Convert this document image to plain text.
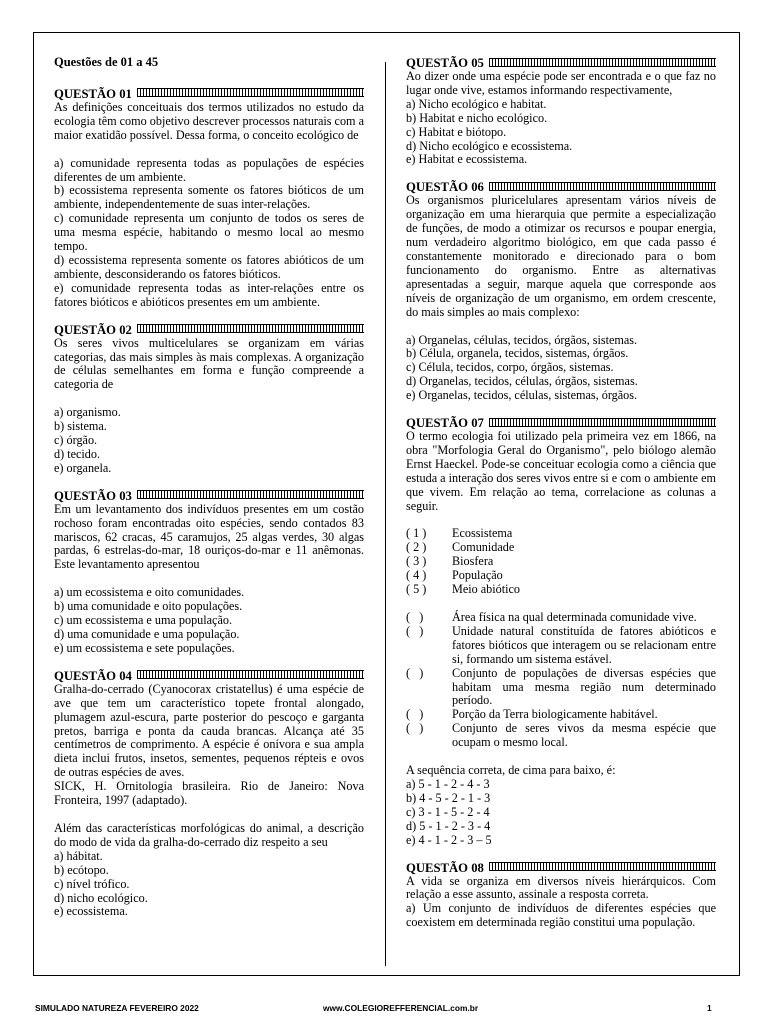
Questões de 01 a 45

QUESTÃO 01

As definições conceituais dos termos utilizados no estudo da ecologia têm como objetivo descrever processos naturais com a maior exatidão possível. Dessa forma, o conceito ecológico de

a) comunidade representa todas as populações de espécies diferentes de um ambiente.
b) ecossistema representa somente os fatores bióticos de um ambiente, independentemente de suas inter-relações.
c) comunidade representa um conjunto de todos os seres de uma mesma espécie, habitando o mesmo local ao mesmo tempo.
d) ecossistema representa somente os fatores abióticos de um ambiente, desconsiderando os fatores bióticos.
e) comunidade representa todas as inter-relações entre os fatores bióticos e abióticos presentes em um ambiente.
QUESTÃO 02

Os seres vivos multicelulares se organizam em várias categorias, das mais simples às mais complexas. A organização de células semelhantes em forma e função compreende a categoria de

a) organismo.
b) sistema.
c) órgão.
d) tecido.
e) organela.
QUESTÃO 03

Em um levantamento dos indivíduos presentes em um costão rochoso foram encontradas oito espécies, sendo contados 83 mariscos, 62 cracas, 45 caramujos, 25 algas verdes, 30 algas pardas, 6 estrelas-do-mar, 18 ouriços-do-mar e 11 anêmonas. Este levantamento apresentou

a) um ecossistema e oito comunidades.
b) uma comunidade e oito populações.
c) um ecossistema e uma população.
d) uma comunidade e uma população.
e) um ecossistema e sete populações.
QUESTÃO 04

Gralha-do-cerrado (Cyanocorax cristatellus) é uma espécie de ave que tem um característico topete frontal alongado, plumagem azul-escura, parte posterior do pescoço e garganta pretos, barriga e ponta da cauda brancas. Alcança até 35 centímetros de comprimento. A espécie é onívora e sua ampla dieta inclui frutos, insetos, sementes, pequenos répteis e ovos de outras espécies de aves.

SICK, H. Ornitologia brasileira. Rio de Janeiro: Nova Fronteira, 1997 (adaptado).

Além das características morfológicas do animal, a descrição do modo de vida da gralha-do-cerrado diz respeito a seu

a) hábitat.
b) ecótopo.
c) nível trófico.
d) nicho ecológico.
e) ecossistema.
QUESTÃO 05

Ao dizer onde uma espécie pode ser encontrada e o que faz no lugar onde vive, estamos informando respectivamente,

a) Nicho ecológico e habitat.
b) Habitat e nicho ecológico.
c) Habitat e biótopo.
d) Nicho ecológico e ecossistema.
e) Habitat e ecossistema.
QUESTÃO 06

Os organismos pluricelulares apresentam vários níveis de organização em uma hierarquia que permite a especialização de funções, de modo a otimizar os recursos e poupar energia, num verdadeiro algoritmo biológico, em que cada passo é constantemente monitorado e direcionado para o bom funcionamento do organismo. Entre as alternativas apresentadas a seguir, marque aquela que corresponde aos níveis de organização de um organismo, em ordem crescente, do mais simples ao mais complexo:

a) Organelas, células, tecidos, órgãos, sistemas.
b) Célula, organela, tecidos, sistemas, órgãos.
c) Célula, tecidos, corpo, órgãos, sistemas.
d) Organelas, tecidos, células, órgãos, sistemas.
e) Organelas, tecidos, células, sistemas, órgãos.
QUESTÃO 07

O termo ecologia foi utilizado pela primeira vez em 1866, na obra "Morfologia Geral do Organismo", pelo biólogo alemão Ernst Haeckel. Pode-se conceituar ecologia como a ciência que estuda a interação dos seres vivos entre si e com o ambiente em que vivem. Em relação ao tema, correlacione as colunas a seguir.

( 1 )	Ecossistema
( 2 )	Comunidade
( 3 )	Biosfera
( 4 )	População
( 5 )	Meio abiótico
(   )	Área física na qual determinada comunidade vive.
(   )	Unidade natural constituída de fatores abióticos e fatores bióticos que interagem ou se relacionam entre si, formando um sistema estável.
(   )	Conjunto de populações de diversas espécies que habitam uma mesma região num determinado período.
(   )	Porção da Terra biologicamente habitável.
(   )	Conjunto de seres vivos da mesma espécie que ocupam o mesmo local.

A sequência correta, de cima para baixo, é:

a) 5 - 1 - 2 - 4 - 3
b) 4 - 5 - 2 - 1 - 3
c) 3 - 1 - 5 - 2 - 4
d) 5 - 1 - 2 - 3 - 4
e) 4 - 1 - 2 - 3 – 5
QUESTÃO 08

A vida se organiza em diversos níveis hierárquicos. Com relação a esse assunto, assinale a resposta correta.

a) Um conjunto de indivíduos de diferentes espécies que coexistem em determinada região constitui uma população.
SIMULADO NATUREZA FEVEREIRO 2022	www.COLEGIOREFFERENCIAL.com.br	1
